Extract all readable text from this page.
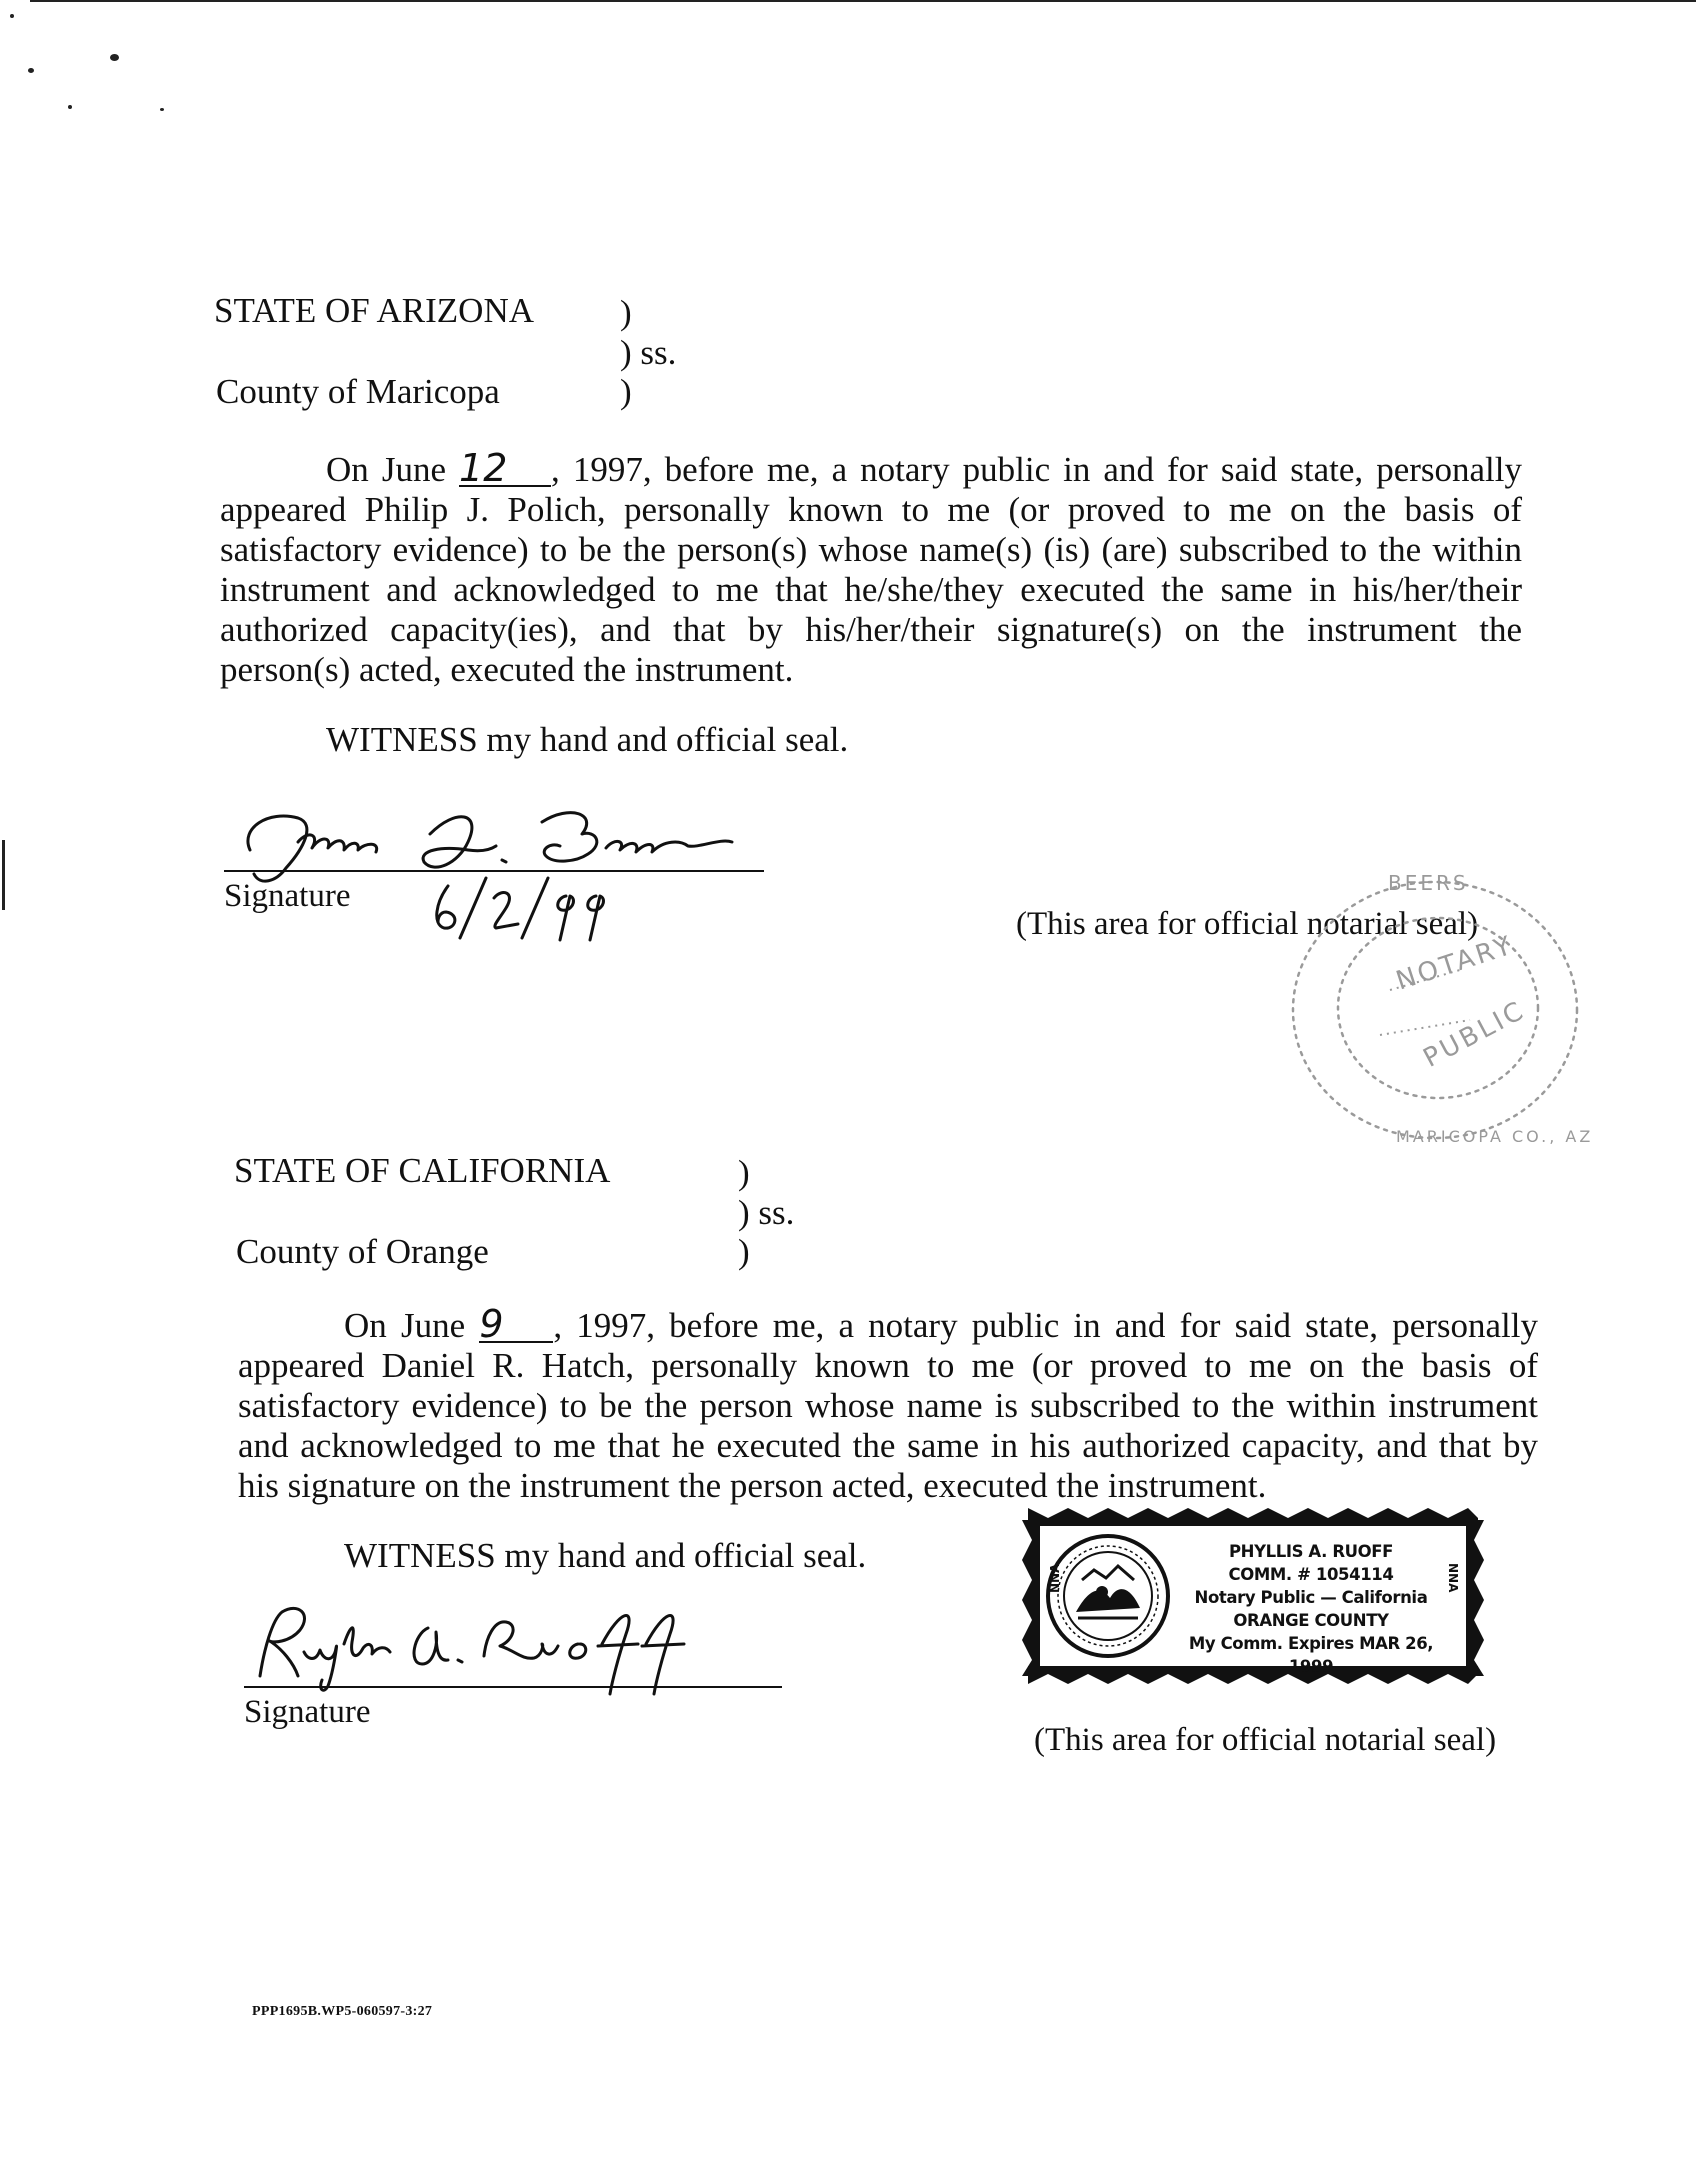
STATE OF ARIZONA )
) ss.
County of Maricopa	)
On June 12 , 1997, before me, a notary public in and for said state, personally appeared Philip J. Polich, personally known to me (or proved to me on the basis of satisfactory evidence) to be the person(s) whose name(s) (is) (are) subscribed to the within instrument and acknowledged to me that he/she/they executed the same in his/her/their authorized capacity(ies), and that by his/her/their signature(s) on the instrument the person(s) acted, executed the instrument.
WITNESS my hand and official seal.
Signature
(This area for official notarial seal)
NOTARY
PUBLIC
BEERS
MARICOPA CO., AZ
STATE OF CALIFORNIA	)
) ss.
County of Orange	)
On June 9 , 1997, before me, a notary public in and for said state, personally appeared Daniel R. Hatch, personally known to me (or proved to me on the basis of satisfactory evidence) to be the person whose name is subscribed to the within instrument and acknowledged to me that he executed the same in his authorized capacity, and that by his signature on the instrument the person acted, executed the instrument.
WITNESS my hand and official seal.
Signature
NNA	NNA
PHYLLIS A. RUOFF
COMM. # 1054114
Notary Public — California
ORANGE COUNTY
My Comm. Expires MAR 26, 1999
(This area for official notarial seal)
PPP1695B.WP5-060597-3:27
